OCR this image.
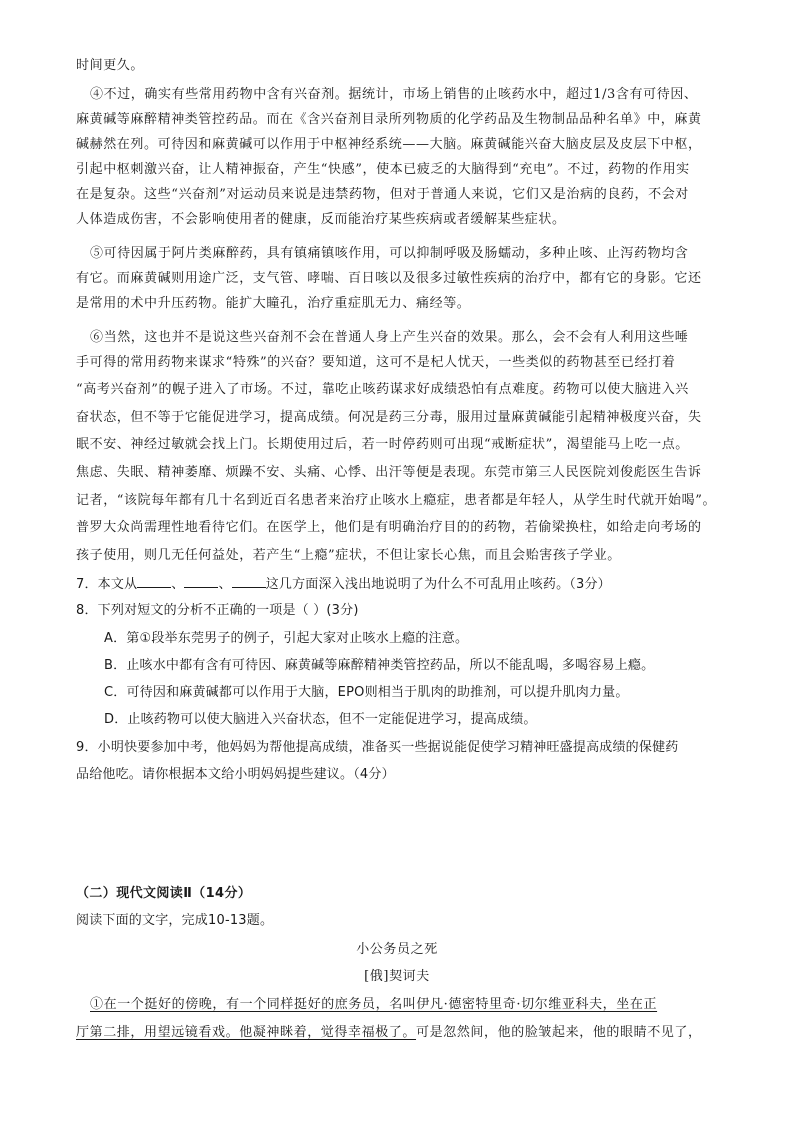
时间更久。
④不过，确实有些常用药物中含有兴奋剂。据统计，市场上销售的止咳药水中，超过1/3含有可待因、
麻黄碱等麻醉精神类管控药品。而在《含兴奋剂目录所列物质的化学药品及生物制品品种名单》中，麻黄
碱赫然在列。可待因和麻黄碱可以作用于中枢神经系统——大脑。麻黄碱能兴奋大脑皮层及皮层下中枢，
引起中枢刺激兴奋，让人精神振奋，产生“快感”，使本已疲乏的大脑得到“充电”。不过，药物的作用实
在是复杂。这些“兴奋剂”对运动员来说是违禁药物，但对于普通人来说，它们又是治病的良药，不会对
人体造成伤害，不会影响使用者的健康，反而能治疗某些疾病或者缓解某些症状。
⑤可待因属于阿片类麻醉药，具有镇痛镇咳作用，可以抑制呼吸及肠蠕动，多种止咳、止泻药物均含
有它。而麻黄碱则用途广泛，支气管、哮喘、百日咳以及很多过敏性疾病的治疗中，都有它的身影。它还
是常用的术中升压药物。能扩大瞳孔，治疗重症肌无力、痛经等。
⑥当然，这也并不是说这些兴奋剂不会在普通人身上产生兴奋的效果。那么，会不会有人利用这些唾
手可得的常用药物来谋求“特殊”的兴奋？要知道，这可不是杞人忧天，一些类似的药物甚至已经打着
“高考兴奋剂”的幌子进入了市场。不过，靠吃止咳药谋求好成绩恐怕有点难度。药物可以使大脑进入兴
奋状态，但不等于它能促进学习，提高成绩。何况是药三分毒，服用过量麻黄碱能引起精神极度兴奋，失
眠不安、神经过敏就会找上门。长期使用过后，若一时停药则可出现“戒断症状”，渴望能马上吃一点。
焦虑、失眠、精神萎靡、烦躁不安、头痛、心悸、出汗等便是表现。东莞市第三人民医院刘俊彪医生告诉
记者，“该院每年都有几十名到近百名患者来治疗止咳水上瘾症，患者都是年轻人，从学生时代就开始喝”。
普罗大众尚需理性地看待它们。在医学上，他们是有明确治疗目的的药物，若偷梁换柱，如给走向考场的
孩子使用，则几无任何益处，若产生“上瘾”症状，不但让家长心焦，而且会贻害孩子学业。
7．本文从	、	、	这几方面深入浅出地说明了为什么不可乱用止咳药。（3分）
8．下列对短文的分析不正确的一项是（ ）(3分)
A．第①段举东莞男子的例子，引起大家对止咳水上瘾的注意。
B．止咳水中都有含有可待因、麻黄碱等麻醉精神类管控药品，所以不能乱喝，多喝容易上瘾。
C．可待因和麻黄碱都可以作用于大脑，EPO则相当于肌肉的助推剂，可以提升肌肉力量。
D．止咳药物可以使大脑进入兴奋状态，但不一定能促进学习，提高成绩。
9．小明快要参加中考，他妈妈为帮他提高成绩，准备买一些据说能促使学习精神旺盛提高成绩的保健药
品给他吃。请你根据本文给小明妈妈提些建议。（4分）
（二）现代文阅读Ⅱ（14分）
阅读下面的文字，完成10-13题。
小公务员之死
[俄]契诃夫
①在一个挺好的傍晚，有一个同样挺好的庶务员，名叫伊凡·德密特里奇·切尔维亚科夫，坐在正
厅第二排，用望远镜看戏。他凝神眯着，觉得幸福极了。可是忽然间，他的脸皱起来，他的眼睛不见了，
